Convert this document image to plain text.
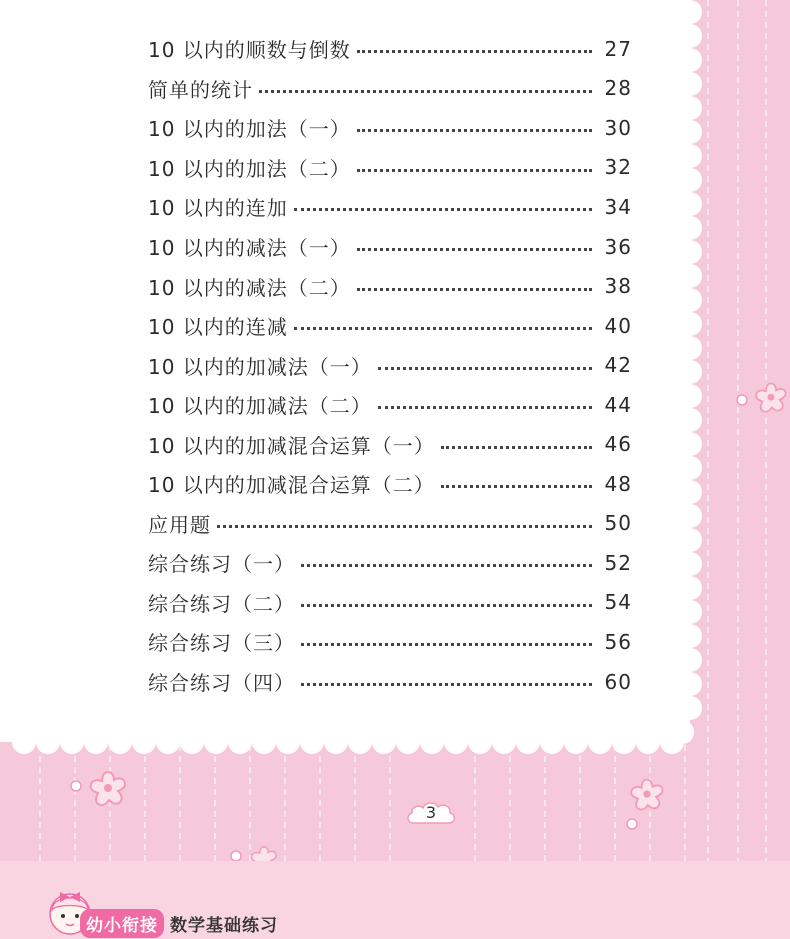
10 以内的顺数与倒数	27
简单的统计	28
10 以内的加法（一）	30
10 以内的加法（二）	32
10 以内的连加	34
10 以内的减法（一）	36
10 以内的减法（二）	38
10 以内的连减	40
10 以内的加减法（一）	42
10 以内的加减法（二）	44
10 以内的加减混合运算（一）	46
10 以内的加减混合运算（二）	48
应用题	50
综合练习（一）	52
综合练习（二）	54
综合练习（三）	56
综合练习（四）	60
3
幼小衔接 数学基础练习
